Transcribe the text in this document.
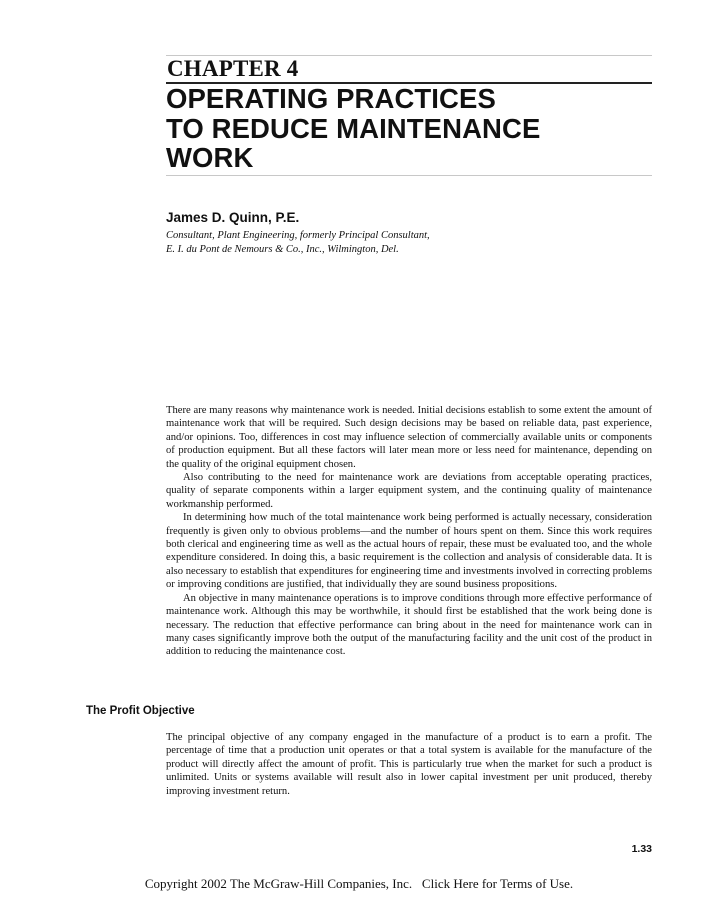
CHAPTER 4
OPERATING PRACTICES
TO REDUCE MAINTENANCE
WORK
James D. Quinn, P.E.
Consultant, Plant Engineering, formerly Principal Consultant,
E. I. du Pont de Nemours & Co., Inc., Wilmington, Del.

There are many reasons why maintenance work is needed. Initial decisions establish to some extent the amount of maintenance work that will be required. Such design decisions may be based on reliable data, past experience, and/or opinions. Too, differences in cost may influence selection of commercially available units or components of production equipment. But all these factors will later mean more or less need for maintenance, depending on the quality of the original equipment chosen.

Also contributing to the need for maintenance work are deviations from acceptable operating practices, quality of separate components within a larger equipment system, and the continuing quality of maintenance workmanship performed.

In determining how much of the total maintenance work being performed is actually necessary, consideration frequently is given only to obvious problems—and the number of hours spent on them. Since this work requires both clerical and engineering time as well as the actual hours of repair, these must be evaluated too, and the whole expenditure considered. In doing this, a basic requirement is the collection and analysis of considerable data. It is also necessary to establish that expenditures for engineering time and investments involved in correcting problems or improving conditions are justified, that individually they are sound business propositions.

An objective in many maintenance operations is to improve conditions through more effective performance of maintenance work. Although this may be worthwhile, it should first be established that the work being done is necessary. The reduction that effective performance can bring about in the need for maintenance work can in many cases significantly improve both the output of the manufacturing facility and the unit cost of the product in addition to reducing the maintenance cost.

The Profit Objective

The principal objective of any company engaged in the manufacture of a product is to earn a profit. The percentage of time that a production unit operates or that a total system is available for the manufacture of the product will directly affect the amount of profit. This is particularly true when the market for such a product is unlimited. Units or systems available will result also in lower capital investment per unit produced, thereby improving investment return.

1.33
Copyright 2002 The McGraw-Hill Companies, Inc. Click Here for Terms of Use.
